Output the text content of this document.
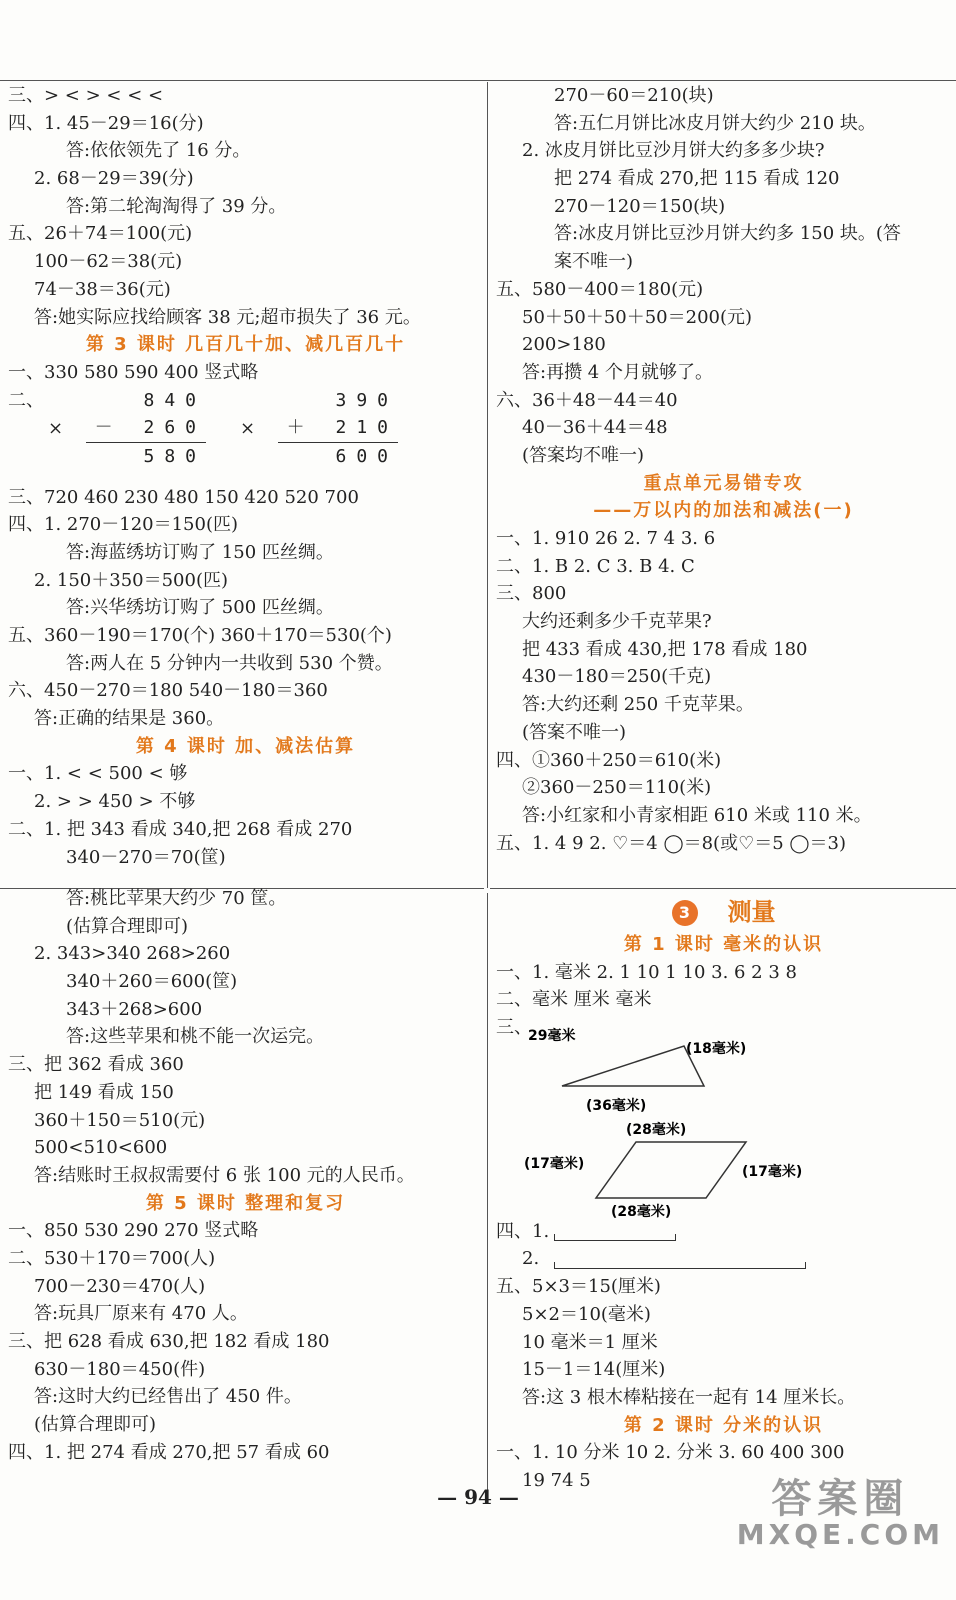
三、> < > < < <
四、1. 45－29＝16(分)
答:依依领先了 16 分。
2. 68－29＝39(分)
答:第二轮淘淘得了 39 分。
五、26＋74＝100(元)
100－62＝38(元)
74－38＝36(元)
答:她实际应找给顾客 38 元;超市损失了 36 元。
第 3 课时 几百几十加、减几百几十
一、330 580 590 400 竖式略
二、
×
840
－ 260
580
×
390
＋ 210
600
三、720 460 230 480 150 420 520 700
四、1. 270－120＝150(匹)
答:海蓝绣坊订购了 150 匹丝绸。
2. 150＋350＝500(匹)
答:兴华绣坊订购了 500 匹丝绸。
五、360－190＝170(个) 360＋170＝530(个)
答:两人在 5 分钟内一共收到 530 个赞。
六、450－270＝180 540－180＝360
答:正确的结果是 360。
第 4 课时 加、减法估算
一、1. < < 500 < 够
2. > > 450 > 不够
二、1. 把 343 看成 340,把 268 看成 270
340－270＝70(筐)
答:桃比苹果大约少 70 筐。
(估算合理即可)
2. 343>340 268>260
340＋260＝600(筐)
343＋268>600
答:这些苹果和桃不能一次运完。
三、把 362 看成 360
把 149 看成 150
360＋150＝510(元)
500<510<600
答:结账时王叔叔需要付 6 张 100 元的人民币。
第 5 课时 整理和复习
一、850 530 290 270 竖式略
二、530＋170＝700(人)
700－230＝470(人)
答:玩具厂原来有 470 人。
三、把 628 看成 630,把 182 看成 180
630－180＝450(件)
答:这时大约已经售出了 450 件。
(估算合理即可)
四、1. 把 274 看成 270,把 57 看成 60
270－60＝210(块)
答:五仁月饼比冰皮月饼大约少 210 块。
2. 冰皮月饼比豆沙月饼大约多多少块?
把 274 看成 270,把 115 看成 120
270－120＝150(块)
答:冰皮月饼比豆沙月饼大约多 150 块。(答
案不唯一)
五、580－400＝180(元)
50＋50＋50＋50＝200(元)
200>180
答:再攒 4 个月就够了。
六、36＋48－44＝40
40－36＋44＝48
(答案均不唯一)
重点单元易错专攻
——万以内的加法和减法(一)
一、1. 910 26 2. 7 4 3. 6
二、1. B 2. C 3. B 4. C
三、800
大约还剩多少千克苹果?
把 433 看成 430,把 178 看成 180
430－180＝250(千克)
答:大约还剩 250 千克苹果。
(答案不唯一)
四、①360＋250＝610(米)
②360－250＝110(米)
答:小红家和小青家相距 610 米或 110 米。
五、1. 4 9 2. ♡＝4 ◯＝8(或♡＝5 ◯＝3)
3 测量
第 1 课时 毫米的认识
一、1. 毫米 2. 1 10 1 10 3. 6 2 3 8
二、毫米 厘米 毫米
三、
29毫米
(18毫米)
(36毫米)
(28毫米)
(17毫米)	(17毫米)
(28毫米)
四、1.
2.
五、5×3＝15(厘米)
5×2＝10(毫米)
10 毫米＝1 厘米
15－1＝14(厘米)
答:这 3 根木棒粘接在一起有 14 厘米长。
第 2 课时 分米的认识
一、1. 10 分米 10 2. 分米 3. 60 400 300
19 74 5
— 94 —	答案圈
MXQE.COM
